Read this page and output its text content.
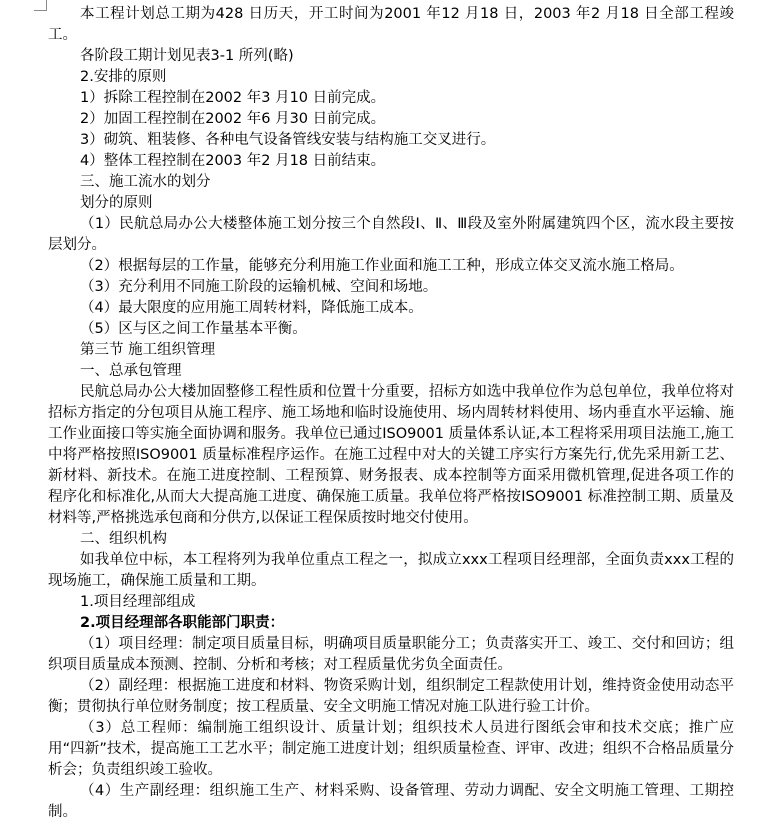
本工程计划总工期为428 日历天，开工时间为2001 年12 月18 日，2003 年2 月18 日全部工程竣工。

各阶段工期计划见表3-1 所列(略)

2.安排的原则

1）拆除工程控制在2002 年3 月10 日前完成。

2）加固工程控制在2002 年6 月30 日前完成。

3）砌筑、粗装修、各种电气设备管线安装与结构施工交叉进行。

4）整体工程控制在2003 年2 月18 日前结束。

三、施工流水的划分

划分的原则

（1）民航总局办公大楼整体施工划分按三个自然段Ⅰ、Ⅱ、Ⅲ段及室外附属建筑四个区，流水段主要按层划分。

（2）根据每层的工作量，能够充分利用施工作业面和施工工种，形成立体交叉流水施工格局。

（3）充分利用不同施工阶段的运输机械、空间和场地。

（4）最大限度的应用施工周转材料，降低施工成本。

（5）区与区之间工作量基本平衡。

第三节 施工组织管理

一、总承包管理

民航总局办公大楼加固整修工程性质和位置十分重要，招标方如选中我单位作为总包单位，我单位将对招标方指定的分包项目从施工程序、施工场地和临时设施使用、场内周转材料使用、场内垂直水平运输、施工作业面接口等实施全面协调和服务。我单位已通过ISO9001 质量体系认证,本工程将采用项目法施工,施工中将严格按照ISO9001 质量标准程序运作。在施工过程中对大的关键工序实行方案先行,优先采用新工艺、新材料、新技术。在施工进度控制、工程预算、财务报表、成本控制等方面采用微机管理,促进各项工作的程序化和标准化,从而大大提高施工进度、确保施工质量。我单位将严格按ISO9001 标准控制工期、质量及材料等,严格挑选承包商和分供方,以保证工程保质按时地交付使用。

二、组织机构

如我单位中标，本工程将列为我单位重点工程之一，拟成立xxx工程项目经理部，全面负责xxx工程的现场施工，确保施工质量和工期。

1.项目经理部组成

2.项目经理部各职能部门职责：

（1）项目经理：制定项目质量目标，明确项目质量职能分工；负责落实开工、竣工、交付和回访；组织项目质量成本预测、控制、分析和考核；对工程质量优劣负全面责任。

（2）副经理：根据施工进度和材料、物资采购计划，组织制定工程款使用计划，维持资金使用动态平衡；贯彻执行单位财务制度；按工程质量、安全文明施工情况对施工队进行验工计价。

（3）总工程师：编制施工组织设计、质量计划；组织技术人员进行图纸会审和技术交底；推广应用“四新”技术，提高施工工艺水平；制定施工进度计划；组织质量检查、评审、改进；组织不合格品质量分析会；负责组织竣工验收。

（4）生产副经理：组织施工生产、材料采购、设备管理、劳动力调配、安全文明施工管理、工期控制。
